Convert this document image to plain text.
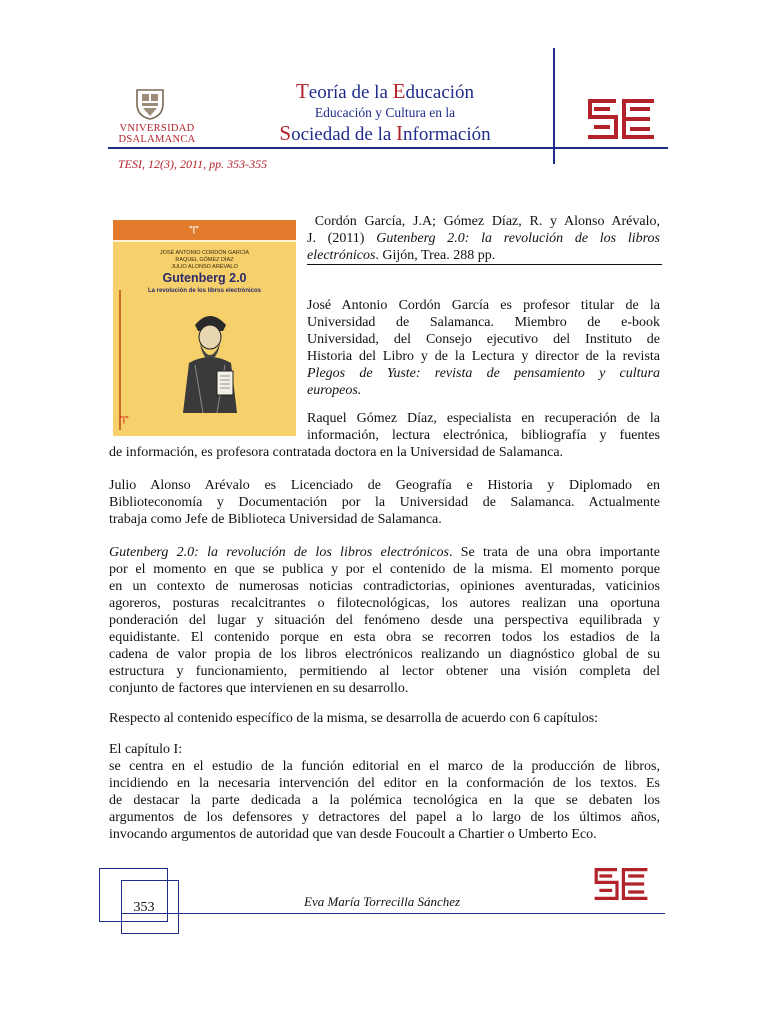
VNIVERSIDAD
DSALAMANCA
Teoría de la Educación
Educación y Cultura en la
Sociedad de la Información
TESI, 12(3), 2011, pp. 353-355
"|"
JOSÉ ANTONIO CORDÓN GARCÍA
RAQUEL GÓMEZ DÍAZ
JULIO ALONSO ARÉVALO
Gutenberg 2.0
La revolución de los libros electrónicos
"|"
Cordón García, J.A; Gómez Díaz, R. y Alonso Arévalo,
J. (2011) Gutenberg 2.0: la revolución de los libros
electrónicos. Gijón, Trea. 288 pp.
José Antonio Cordón García es profesor titular de la
Universidad de Salamanca. Miembro de e-book
Universidad, del Consejo ejecutivo del Instituto de
Historia del Libro y de la Lectura y director de la revista
Plegos de Yuste: revista de pensamiento y cultura
europeos.
Raquel Gómez Díaz, especialista en recuperación de la
información, lectura electrónica, bibliografía y fuentes
de información, es profesora contratada doctora en la Universidad de Salamanca.
Julio Alonso Arévalo es Licenciado de Geografía e Historia y Diplomado en
Biblioteconomía y Documentación por la Universidad de Salamanca. Actualmente
trabaja como Jefe de Biblioteca Universidad de Salamanca.
Gutenberg 2.0: la revolución de los libros electrónicos. Se trata de una obra importante
por el momento en que se publica y por el contenido de la misma. El momento porque
en un contexto de numerosas noticias contradictorias, opiniones aventuradas, vaticinios
agoreros, posturas recalcitrantes o filotecnológicas, los autores realizan una oportuna
ponderación del lugar y situación del fenómeno desde una perspectiva equilibrada y
equidistante. El contenido porque en esta obra se recorren todos los estadios de la
cadena de valor propia de los libros electrónicos realizando un diagnóstico global de su
estructura y funcionamiento, permitiendo al lector obtener una visión completa del
conjunto de factores que intervienen en su desarrollo.
Respecto al contenido específico de la misma, se desarrolla de acuerdo con 6 capítulos:
El capítulo I:
se centra en el estudio de la función editorial en el marco de la producción de libros,
incidiendo en la necesaria intervención del editor en la conformación de los textos. Es
de destacar la parte dedicada a la polémica tecnológica en la que se debaten los
argumentos de los defensores y detractores del papel a lo largo de los últimos años,
invocando argumentos de autoridad que van desde Foucoult a Chartier o Umberto Eco.
353	Eva María Torrecilla Sánchez
